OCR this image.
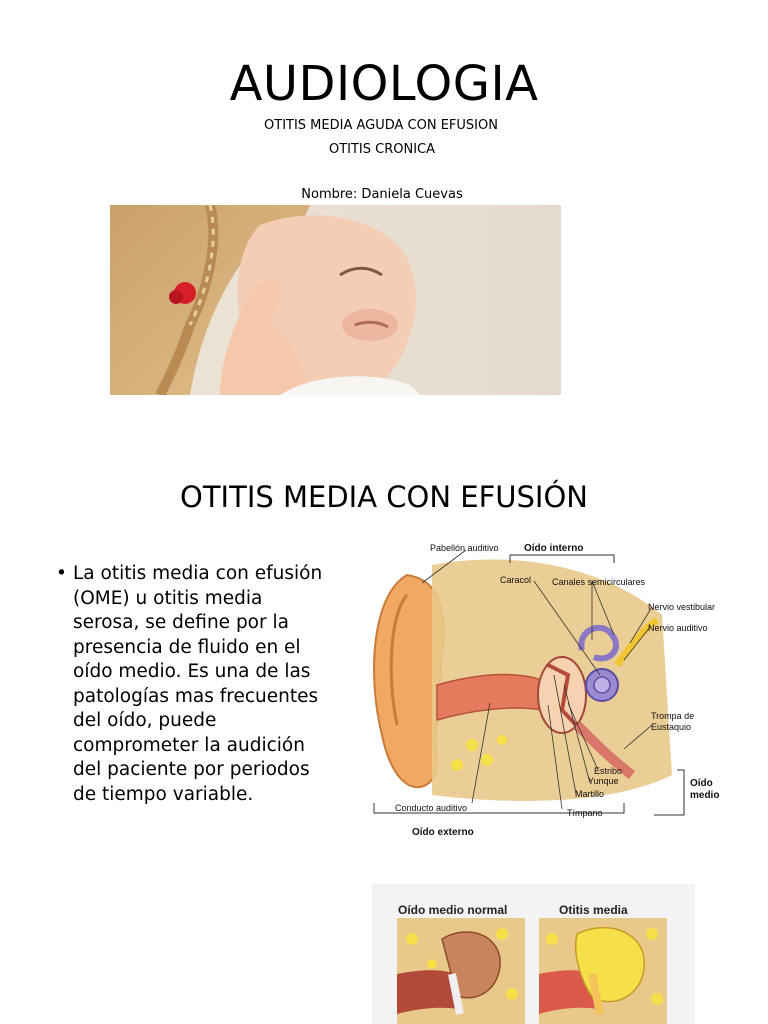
AUDIOLOGIA
OTITIS MEDIA AGUDA CON EFUSION
OTITIS CRONICA
Nombre: Daniela Cuevas
OTITIS MEDIA CON EFUSIÓN
• La otitis media con efusión (OME) u otitis media serosa, se define por la presencia de fluido en el oído medio. Es una de las patologías mas frecuentes del oído, puede comprometer la audición del paciente por periodos de tiempo variable.
Pabellón auditivo	Oído interno
Caracol Canales semicirculares
Nervio vestibular
Nervio auditivo
Trompa de
Eustaquio
Estribo
Yunque
Martillo
Tímpano
Oído
medio
Conducto auditivo
Oído externo
Oído medio normal	Otitis media
